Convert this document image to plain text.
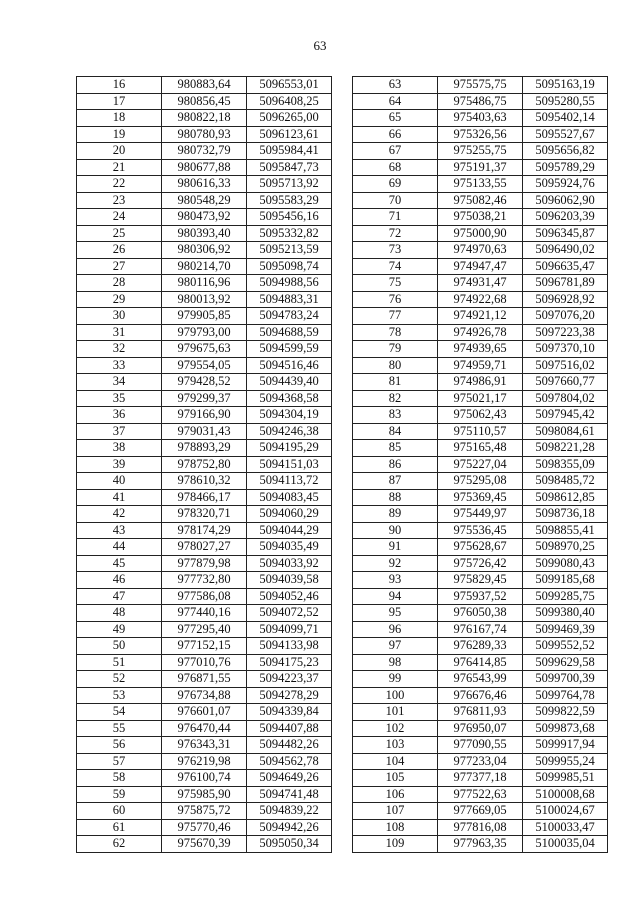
63
16	980883,64	5096553,01
17	980856,45	5096408,25
18	980822,18	5096265,00
19	980780,93	5096123,61
20	980732,79	5095984,41
21	980677,88	5095847,73
22	980616,33	5095713,92
23	980548,29	5095583,29
24	980473,92	5095456,16
25	980393,40	5095332,82
26	980306,92	5095213,59
27	980214,70	5095098,74
28	980116,96	5094988,56
29	980013,92	5094883,31
30	979905,85	5094783,24
31	979793,00	5094688,59
32	979675,63	5094599,59
33	979554,05	5094516,46
34	979428,52	5094439,40
35	979299,37	5094368,58
36	979166,90	5094304,19
37	979031,43	5094246,38
38	978893,29	5094195,29
39	978752,80	5094151,03
40	978610,32	5094113,72
41	978466,17	5094083,45
42	978320,71	5094060,29
43	978174,29	5094044,29
44	978027,27	5094035,49
45	977879,98	5094033,92
46	977732,80	5094039,58
47	977586,08	5094052,46
48	977440,16	5094072,52
49	977295,40	5094099,71
50	977152,15	5094133,98
51	977010,76	5094175,23
52	976871,55	5094223,37
53	976734,88	5094278,29
54	976601,07	5094339,84
55	976470,44	5094407,88
56	976343,31	5094482,26
57	976219,98	5094562,78
58	976100,74	5094649,26
59	975985,90	5094741,48
60	975875,72	5094839,22
61	975770,46	5094942,26
62	975670,39	5095050,34
63	975575,75	5095163,19
64	975486,75	5095280,55
65	975403,63	5095402,14
66	975326,56	5095527,67
67	975255,75	5095656,82
68	975191,37	5095789,29
69	975133,55	5095924,76
70	975082,46	5096062,90
71	975038,21	5096203,39
72	975000,90	5096345,87
73	974970,63	5096490,02
74	974947,47	5096635,47
75	974931,47	5096781,89
76	974922,68	5096928,92
77	974921,12	5097076,20
78	974926,78	5097223,38
79	974939,65	5097370,10
80	974959,71	5097516,02
81	974986,91	5097660,77
82	975021,17	5097804,02
83	975062,43	5097945,42
84	975110,57	5098084,61
85	975165,48	5098221,28
86	975227,04	5098355,09
87	975295,08	5098485,72
88	975369,45	5098612,85
89	975449,97	5098736,18
90	975536,45	5098855,41
91	975628,67	5098970,25
92	975726,42	5099080,43
93	975829,45	5099185,68
94	975937,52	5099285,75
95	976050,38	5099380,40
96	976167,74	5099469,39
97	976289,33	5099552,52
98	976414,85	5099629,58
99	976543,99	5099700,39
100	976676,46	5099764,78
101	976811,93	5099822,59
102	976950,07	5099873,68
103	977090,55	5099917,94
104	977233,04	5099955,24
105	977377,18	5099985,51
106	977522,63	5100008,68
107	977669,05	5100024,67
108	977816,08	5100033,47
109	977963,35	5100035,04
